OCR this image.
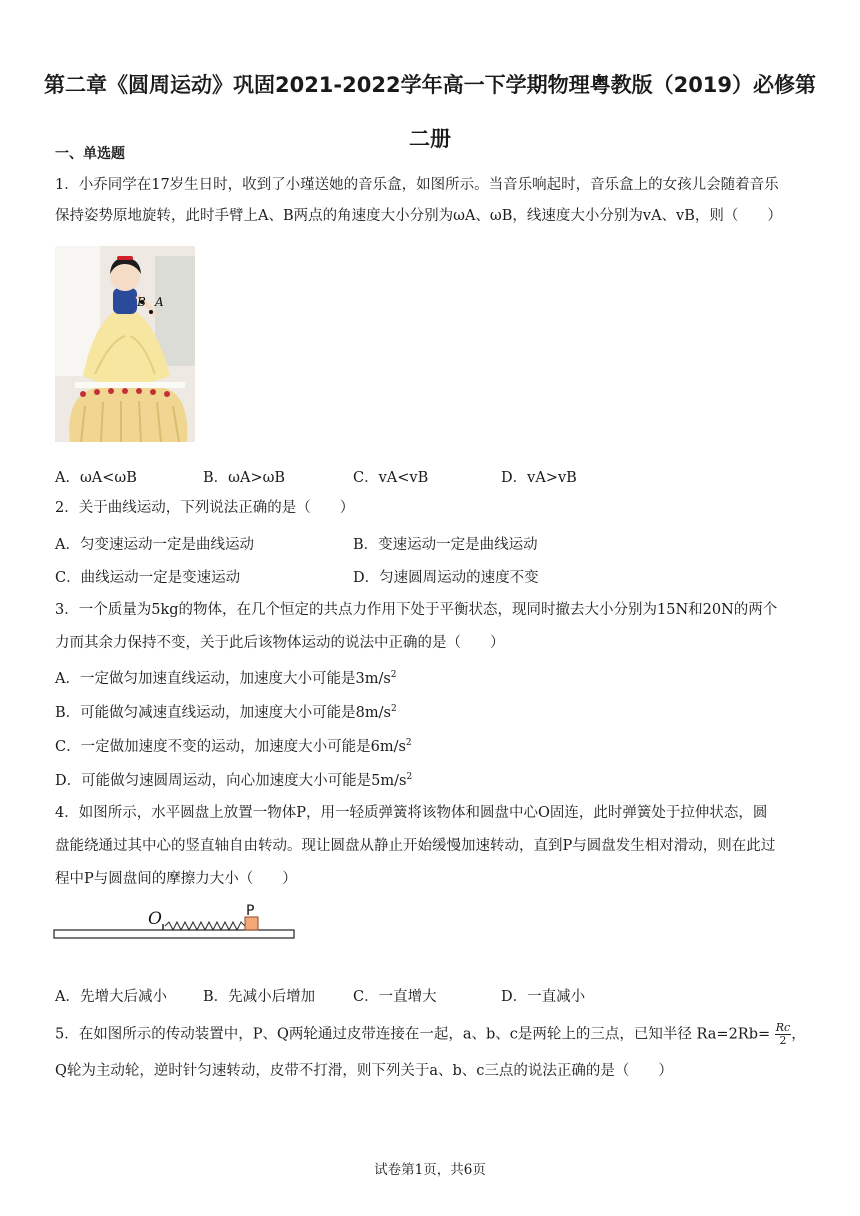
第二章《圆周运动》巩固2021-2022学年高一下学期物理粤教版（2019）必修第
二册
一、单选题
1．小乔同学在17岁生日时，收到了小瑾送她的音乐盒，如图所示。当音乐响起时，音乐盒上的女孩儿会随着音乐
保持姿势原地旋转，此时手臂上A、B两点的角速度大小分别为ωA、ωB，线速度大小分别为vA、vB，则（　　）
B A
A．ωA<ωB	B．ωA>ωB	C．vA<vB	D．vA>vB
2．关于曲线运动，下列说法正确的是（　　）
A．匀变速运动一定是曲线运动	B．变速运动一定是曲线运动
C．曲线运动一定是变速运动	D．匀速圆周运动的速度不变
3．一个质量为5kg的物体，在几个恒定的共点力作用下处于平衡状态，现同时撤去大小分别为15N和20N的两个
力而其余力保持不变，关于此后该物体运动的说法中正确的是（　　）
A．一定做匀加速直线运动，加速度大小可能是$3m/s^2$
B．可能做匀减速直线运动，加速度大小可能是$8m/s^2$
C．一定做加速度不变的运动，加速度大小可能是$6m/s^2$
D．可能做匀速圆周运动，向心加速度大小可能是$5m/s^2$
4．如图所示，水平圆盘上放置一物体P，用一轻质弹簧将该物体和圆盘中心O固连，此时弹簧处于拉伸状态，圆
盘能绕通过其中心的竖直轴自由转动。现让圆盘从静止开始缓慢加速转动，直到P与圆盘发生相对滑动，则在此过
程中P与圆盘间的摩擦力大小（　　）
O	P
A．先增大后减小 B．先减小后增加	C．一直增大	D．一直减小
5．在如图所示的传动装置中，P、Q两轮通过皮带连接在一起，a、b、c是两轮上的三点，已知半径 $Ra=2Rb= \frac{Rc}{2}$ ，
Q轮为主动轮，逆时针匀速转动，皮带不打滑，则下列关于a、b、c三点的说法正确的是（　　）
试卷第1页，共6页
